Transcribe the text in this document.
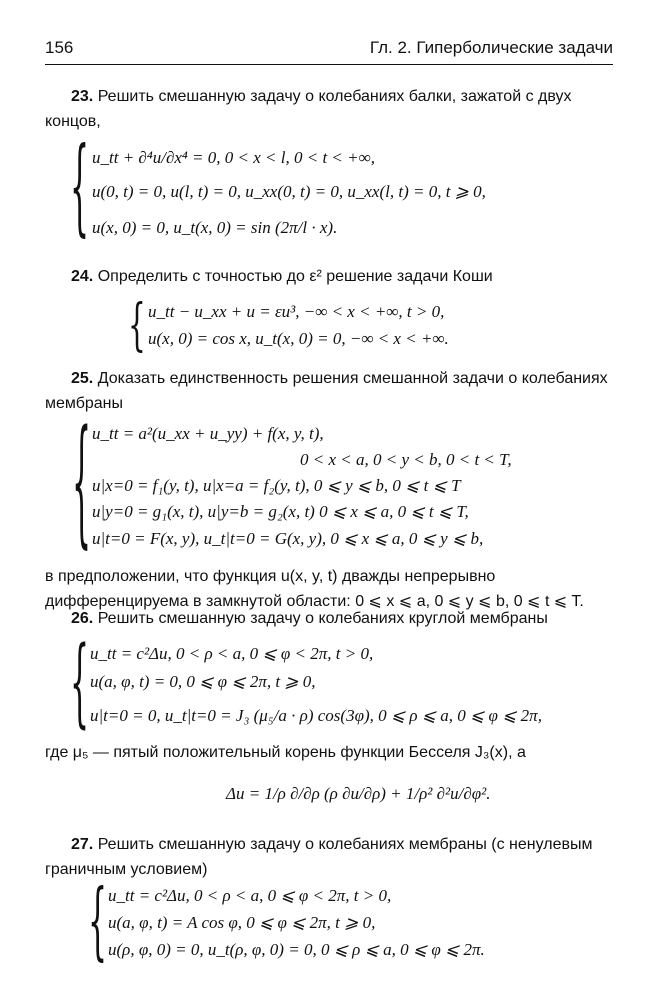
156	Гл. 2. Гиперболические задачи
23. Решить смешанную задачу о колебаниях балки, зажатой с двух концов,
{ u_tt + ∂⁴u/∂x⁴ = 0, 0 < x < l, 0 < t < +∞,
u(0, t) = 0, u(l, t) = 0, u_xx(0, t) = 0, u_xx(l, t) = 0, t ⩾ 0,
u(x, 0) = 0, u_t(x, 0) = sin (2π/l · x).
24. Определить с точностью до ε² решение задачи Коши
{ u_tt − u_xx + u = εu³, −∞ < x < +∞, t > 0,
u(x, 0) = cos x, u_t(x, 0) = 0, −∞ < x < +∞.
25. Доказать единственность решения смешанной задачи о колебаниях мембраны
{ u_tt = a²(u_xx + u_yy) + f(x, y, t),
0 < x < a, 0 < y < b, 0 < t < T,
u|x=0 = f₁(y, t), u|x=a = f₂(y, t), 0 ⩽ y ⩽ b, 0 ⩽ t ⩽ T
u|y=0 = g₁(x, t), u|y=b = g₂(x, t) 0 ⩽ x ⩽ a, 0 ⩽ t ⩽ T,
u|t=0 = F(x, y), u_t|t=0 = G(x, y), 0 ⩽ x ⩽ a, 0 ⩽ y ⩽ b,
в предположении, что функция u(x, y, t) дважды непрерывно дифференцируема в замкнутой области: 0 ⩽ x ⩽ a, 0 ⩽ y ⩽ b, 0 ⩽ t ⩽ T.
26. Решить смешанную задачу о колебаниях круглой мембраны
{ u_tt = c²Δu, 0 < ρ < a, 0 ⩽ φ < 2π, t > 0,
u(a, φ, t) = 0, 0 ⩽ φ ⩽ 2π, t ⩾ 0,
u|t=0 = 0, u_t|t=0 = J₃ (μ₅/a · ρ) cos(3φ), 0 ⩽ ρ ⩽ a, 0 ⩽ φ ⩽ 2π,
где μ₅ — пятый положительный корень функции Бесселя J₃(x), а
Δu = 1/ρ ∂/∂ρ (ρ ∂u/∂ρ) + 1/ρ² ∂²u/∂φ².
27. Решить смешанную задачу о колебаниях мембраны (с ненулевым граничным условием)
{ u_tt = c²Δu, 0 < ρ < a, 0 ⩽ φ < 2π, t > 0,
u(a, φ, t) = A cos φ, 0 ⩽ φ ⩽ 2π, t ⩾ 0,
u(ρ, φ, 0) = 0, u_t(ρ, φ, 0) = 0, 0 ⩽ ρ ⩽ a, 0 ⩽ φ ⩽ 2π.
